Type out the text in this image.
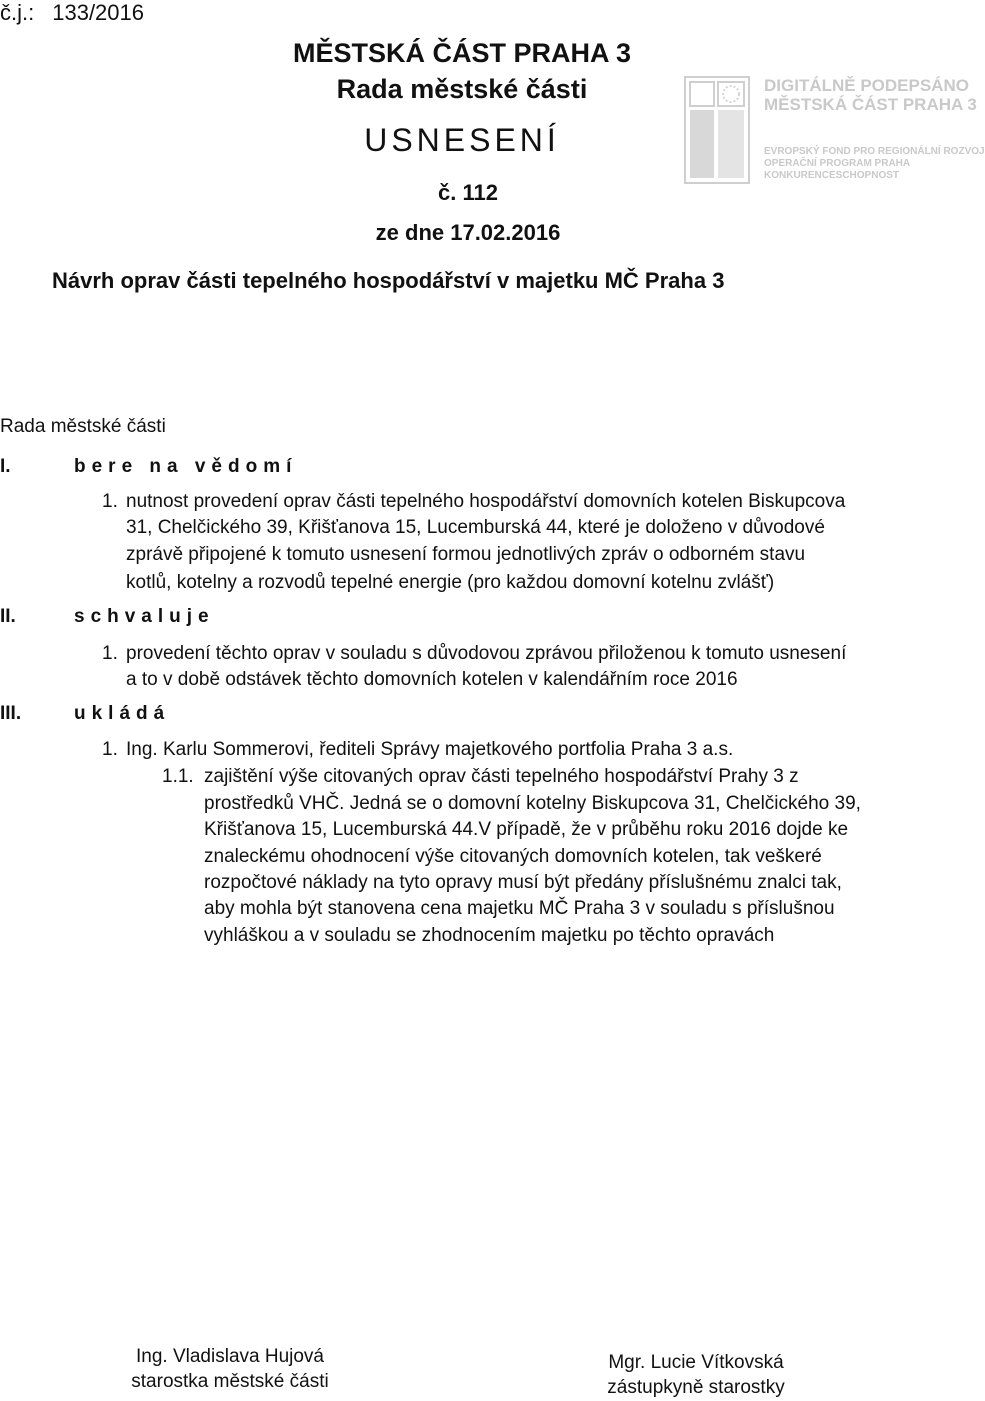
č.j.: 133/2016
MĚSTSKÁ ČÁST PRAHA 3
Rada městské části
USNESENÍ
č. 112
ze dne 17.02.2016
Návrh oprav části tepelného hospodářství v majetku MČ Praha 3
DIGITÁLNĚ PODEPSÁNO
MĚSTSKÁ ČÁST PRAHA 3
EVROPSKÝ FOND PRO REGIONÁLNÍ ROZVOJ
OPERAČNÍ PROGRAM PRAHA
KONKURENCESCHOPNOST
Rada městské části
I.	bere na vědomí
1. nutnost provedení oprav části tepelného hospodářství domovních kotelen Biskupcova
31, Chelčického 39, Křišťanova 15, Lucemburská 44, které je doloženo v důvodové
zprávě připojené k tomuto usnesení formou jednotlivých zpráv o odborném stavu
kotlů, kotelny a rozvodů tepelné energie (pro každou domovní kotelnu zvlášť)
II.	schvaluje
1. provedení těchto oprav v souladu s důvodovou zprávou přiloženou k tomuto usnesení
a to v době odstávek těchto domovních kotelen v kalendářním roce 2016
III.	ukládá
1. Ing. Karlu Sommerovi, řediteli Správy majetkového portfolia Praha 3 a.s.
1.1. zajištění výše citovaných oprav části tepelného hospodářství Prahy 3 z
prostředků VHČ. Jedná se o domovní kotelny Biskupcova 31, Chelčického 39,
Křišťanova 15, Lucemburská 44.V případě, že v průběhu roku 2016 dojde ke
znaleckému ohodnocení výše citovaných domovních kotelen, tak veškeré
rozpočtové náklady na tyto opravy musí být předány příslušnému znalci tak,
aby mohla být stanovena cena majetku MČ Praha 3 v souladu s příslušnou
vyhláškou a v souladu se zhodnocením majetku po těchto opravách
Ing. Vladislava Hujová
starostka městské části
Mgr. Lucie Vítkovská
zástupkyně starostky
